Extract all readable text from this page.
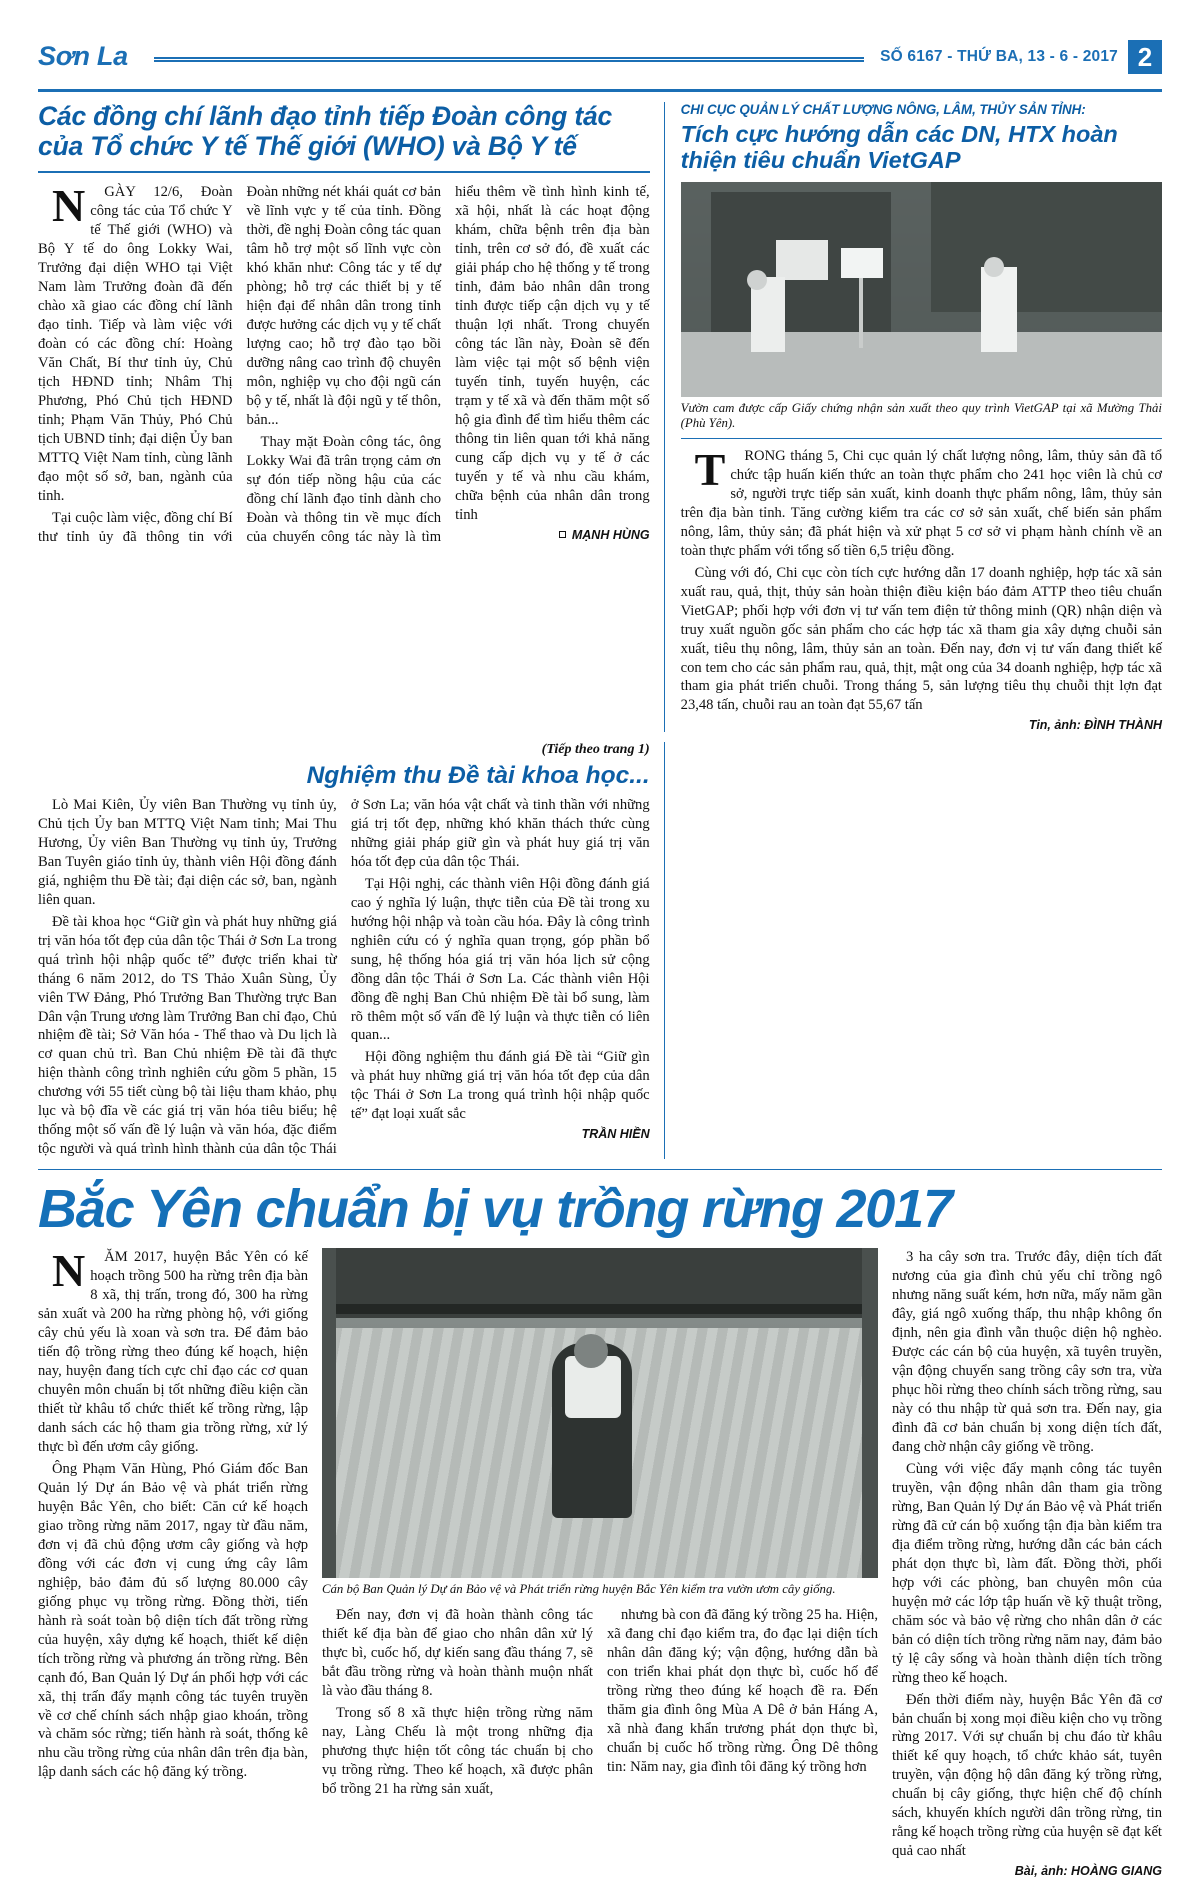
Sơn La	SỐ 6167 - THỨ BA, 13 - 6 - 2017 2
Các đồng chí lãnh đạo tỉnh tiếp Đoàn công tác của Tổ chức Y tế Thế giới (WHO) và Bộ Y tế

NGÀY 12/6, Đoàn công tác của Tổ chức Y tế Thế giới (WHO) và Bộ Y tế do ông Lokky Wai, Trưởng đại diện WHO tại Việt Nam làm Trưởng đoàn đã đến chào xã giao các đồng chí lãnh đạo tỉnh. Tiếp và làm việc với đoàn có các đồng chí: Hoàng Văn Chất, Bí thư tỉnh ủy, Chủ tịch HĐND tỉnh; Nhâm Thị Phương, Phó Chủ tịch HĐND tỉnh; Phạm Văn Thủy, Phó Chủ tịch UBND tỉnh; đại diện Ủy ban MTTQ Việt Nam tỉnh, cùng lãnh đạo một số sở, ban, ngành của tỉnh.

Tại cuộc làm việc, đồng chí Bí thư tỉnh ủy đã thông tin với Đoàn những nét khái quát cơ bản về lĩnh vực y tế của tỉnh. Đồng thời, đề nghị Đoàn công tác quan tâm hỗ trợ một số lĩnh vực còn khó khăn như: Công tác y tế dự phòng; hỗ trợ các thiết bị y tế hiện đại để nhân dân trong tỉnh được hưởng các dịch vụ y tế chất lượng cao; hỗ trợ đào tạo bồi dưỡng nâng cao trình độ chuyên môn, nghiệp vụ cho đội ngũ cán bộ y tế, nhất là đội ngũ y tế thôn, bản...

Thay mặt Đoàn công tác, ông Lokky Wai đã trân trọng cảm ơn sự đón tiếp nồng hậu của các đồng chí lãnh đạo tỉnh dành cho Đoàn và thông tin về mục đích của chuyến công tác này là tìm hiểu thêm về tình hình kinh tế, xã hội, nhất là các hoạt động khám, chữa bệnh trên địa bàn tỉnh, trên cơ sở đó, đề xuất các giải pháp cho hệ thống y tế trong tỉnh, đảm bảo nhân dân trong tỉnh được tiếp cận dịch vụ y tế thuận lợi nhất. Trong chuyến công tác lần này, Đoàn sẽ đến làm việc tại một số bệnh viện tuyến tỉnh, tuyến huyện, các trạm y tế xã và đến thăm một số hộ gia đình để tìm hiểu thêm các thông tin liên quan tới khả năng cung cấp dịch vụ y tế ở các tuyến y tế và nhu cầu khám, chữa bệnh của nhân dân trong tỉnh

MẠNH HÙNG
CHI CỤC QUẢN LÝ CHẤT LƯỢNG NÔNG, LÂM, THỦY SẢN TỈNH:
Tích cực hướng dẫn các DN, HTX hoàn thiện tiêu chuẩn VietGAP
Vườn cam được cấp Giấy chứng nhận sản xuất theo quy trình VietGAP tại xã Mường Thải (Phù Yên).

TRONG tháng 5, Chi cục quản lý chất lượng nông, lâm, thủy sản đã tổ chức tập huấn kiến thức an toàn thực phẩm cho 241 học viên là chủ cơ sở, người trực tiếp sản xuất, kinh doanh thực phẩm nông, lâm, thủy sản trên địa bàn tỉnh. Tăng cường kiểm tra các cơ sở sản xuất, chế biến sản phẩm nông, lâm, thủy sản; đã phát hiện và xử phạt 5 cơ sở vi phạm hành chính về an toàn thực phẩm với tổng số tiền 6,5 triệu đồng.

Cùng với đó, Chi cục còn tích cực hướng dẫn 17 doanh nghiệp, hợp tác xã sản xuất rau, quả, thịt, thủy sản hoàn thiện điều kiện báo đảm ATTP theo tiêu chuẩn VietGAP; phối hợp với đơn vị tư vấn tem điện tử thông minh (QR) nhận diện và truy xuất nguồn gốc sản phẩm cho các hợp tác xã tham gia xây dựng chuỗi sản xuất, tiêu thụ nông, lâm, thủy sản an toàn. Đến nay, đơn vị tư vấn đang thiết kế con tem cho các sản phẩm rau, quả, thịt, mật ong của 34 doanh nghiệp, hợp tác xã tham gia phát triển chuỗi. Trong tháng 5, sản lượng tiêu thụ chuỗi thịt lợn đạt 23,48 tấn, chuỗi rau an toàn đạt 55,67 tấn

Tin, ảnh: ĐÌNH THÀNH
(Tiếp theo trang 1)
Nghiệm thu Đề tài khoa học...

Lò Mai Kiên, Ủy viên Ban Thường vụ tỉnh ủy, Chủ tịch Ủy ban MTTQ Việt Nam tỉnh; Mai Thu Hương, Ủy viên Ban Thường vụ tỉnh ủy, Trưởng Ban Tuyên giáo tỉnh ủy, thành viên Hội đồng đánh giá, nghiệm thu Đề tài; đại diện các sở, ban, ngành liên quan.

Đề tài khoa học “Giữ gìn và phát huy những giá trị văn hóa tốt đẹp của dân tộc Thái ở Sơn La trong quá trình hội nhập quốc tế” được triển khai từ tháng 6 năm 2012, do TS Thảo Xuân Sùng, Ủy viên TW Đảng, Phó Trưởng Ban Thường trực Ban Dân vận Trung ương làm Trưởng Ban chỉ đạo, Chủ nhiệm đề tài; Sở Văn hóa - Thể thao và Du lịch là cơ quan chủ trì. Ban Chủ nhiệm Đề tài đã thực hiện thành công trình nghiên cứu gồm 5 phần, 15 chương với 55 tiết cùng bộ tài liệu tham khảo, phụ lục và bộ đĩa về các giá trị văn hóa tiêu biểu; hệ thống một số vấn đề lý luận và văn hóa, đặc điểm tộc người và quá trình hình thành của dân tộc Thái ở Sơn La; văn hóa vật chất và tinh thần với những giá trị tốt đẹp, những khó khăn thách thức cùng những giải pháp giữ gìn và phát huy giá trị văn hóa tốt đẹp của dân tộc Thái.

Tại Hội nghị, các thành viên Hội đồng đánh giá cao ý nghĩa lý luận, thực tiễn của Đề tài trong xu hướng hội nhập và toàn cầu hóa. Đây là công trình nghiên cứu có ý nghĩa quan trọng, góp phần bổ sung, hệ thống hóa giá trị văn hóa lịch sử cộng đồng dân tộc Thái ở Sơn La. Các thành viên Hội đồng đề nghị Ban Chủ nhiệm Đề tài bổ sung, làm rõ thêm một số vấn đề lý luận và thực tiễn có liên quan...

Hội đồng nghiệm thu đánh giá Đề tài “Giữ gìn và phát huy những giá trị văn hóa tốt đẹp của dân tộc Thái ở Sơn La trong quá trình hội nhập quốc tế” đạt loại xuất sắc

TRẦN HIỀN
Bắc Yên chuẩn bị vụ trồng rừng 2017

NĂM 2017, huyện Bắc Yên có kế hoạch trồng 500 ha rừng trên địa bàn 8 xã, thị trấn, trong đó, 300 ha rừng sản xuất và 200 ha rừng phòng hộ, với giống cây chủ yếu là xoan và sơn tra. Để đảm bảo tiến độ trồng rừng theo đúng kế hoạch, hiện nay, huyện đang tích cực chỉ đạo các cơ quan chuyên môn chuẩn bị tốt những điều kiện cần thiết từ khâu tổ chức thiết kế trồng rừng, lập danh sách các hộ tham gia trồng rừng, xử lý thực bì đến ươm cây giống.

Ông Phạm Văn Hùng, Phó Giám đốc Ban Quản lý Dự án Bảo vệ và phát triển rừng huyện Bắc Yên, cho biết: Căn cứ kế hoạch giao trồng rừng năm 2017, ngay từ đầu năm, đơn vị đã chủ động ươm cây giống và hợp đồng với các đơn vị cung ứng cây lâm nghiệp, bảo đảm đủ số lượng 80.000 cây giống phục vụ trồng rừng. Đồng thời, tiến hành rà soát toàn bộ diện tích đất trồng rừng của huyện, xây dựng kế hoạch, thiết kế diện tích trồng rừng và phương án trồng rừng. Bên cạnh đó, Ban Quản lý Dự án phối hợp với các xã, thị trấn đẩy mạnh công tác tuyên truyền về cơ chế chính sách nhập giao khoán, trồng và chăm sóc rừng; tiến hành rà soát, thống kê nhu cầu trồng rừng của nhân dân trên địa bàn, lập danh sách các hộ đăng ký trồng.

Cán bộ Ban Quản lý Dự án Bảo vệ và Phát triển rừng huyện Bắc Yên kiểm tra vườn ươm cây giống.

Đến nay, đơn vị đã hoàn thành công tác thiết kế địa bàn để giao cho nhân dân xử lý thực bì, cuốc hố, dự kiến sang đầu tháng 7, sẽ bắt đầu trồng rừng và hoàn thành muộn nhất là vào đầu tháng 8.

Trong số 8 xã thực hiện trồng rừng năm nay, Làng Chếu là một trong những địa phương thực hiện tốt công tác chuẩn bị cho vụ trồng rừng. Theo kế hoạch, xã được phân bổ trồng 21 ha rừng sản xuất,

nhưng bà con đã đăng ký trồng 25 ha. Hiện, xã đang chỉ đạo kiểm tra, đo đạc lại diện tích nhân dân đăng ký; vận động, hướng dẫn bà con triển khai phát dọn thực bì, cuốc hố để trồng rừng theo đúng kế hoạch đề ra. Đến thăm gia đình ông Mùa A Dê ở bản Háng A, xã nhà đang khẩn trương phát dọn thực bì, chuẩn bị cuốc hố trồng rừng. Ông Dê thông tin: Năm nay, gia đình tôi đăng ký trồng hơn

3 ha cây sơn tra. Trước đây, diện tích đất nương của gia đình chủ yếu chỉ trồng ngô nhưng năng suất kém, hơn nữa, mấy năm gần đây, giá ngô xuống thấp, thu nhập không ổn định, nên gia đình vẫn thuộc diện hộ nghèo. Được các cán bộ của huyện, xã tuyên truyền, vận động chuyển sang trồng cây sơn tra, vừa phục hồi rừng theo chính sách trồng rừng, sau này có thu nhập từ quả sơn tra. Đến nay, gia đình đã cơ bản chuẩn bị xong diện tích đất, đang chờ nhận cây giống về trồng.

Cùng với việc đẩy mạnh công tác tuyên truyền, vận động nhân dân tham gia trồng rừng, Ban Quản lý Dự án Bảo vệ và Phát triển rừng đã cử cán bộ xuống tận địa bàn kiểm tra địa điểm trồng rừng, hướng dẫn các bản cách phát dọn thực bì, làm đất. Đồng thời, phối hợp với các phòng, ban chuyên môn của huyện mở các lớp tập huấn về kỹ thuật trồng, chăm sóc và bảo vệ rừng cho nhân dân ở các bản có diện tích trồng rừng năm nay, đảm bảo tỷ lệ cây sống và hoàn thành diện tích trồng rừng theo kế hoạch.

Đến thời điểm này, huyện Bắc Yên đã cơ bản chuẩn bị xong mọi điều kiện cho vụ trồng rừng 2017. Với sự chuẩn bị chu đáo từ khâu thiết kế quy hoạch, tổ chức khảo sát, tuyên truyền, vận động hộ dân đăng ký trồng rừng, chuẩn bị cây giống, thực hiện chế độ chính sách, khuyến khích người dân trồng rừng, tin rằng kế hoạch trồng rừng của huyện sẽ đạt kết quả cao nhất

Bài, ảnh: HOÀNG GIANG
